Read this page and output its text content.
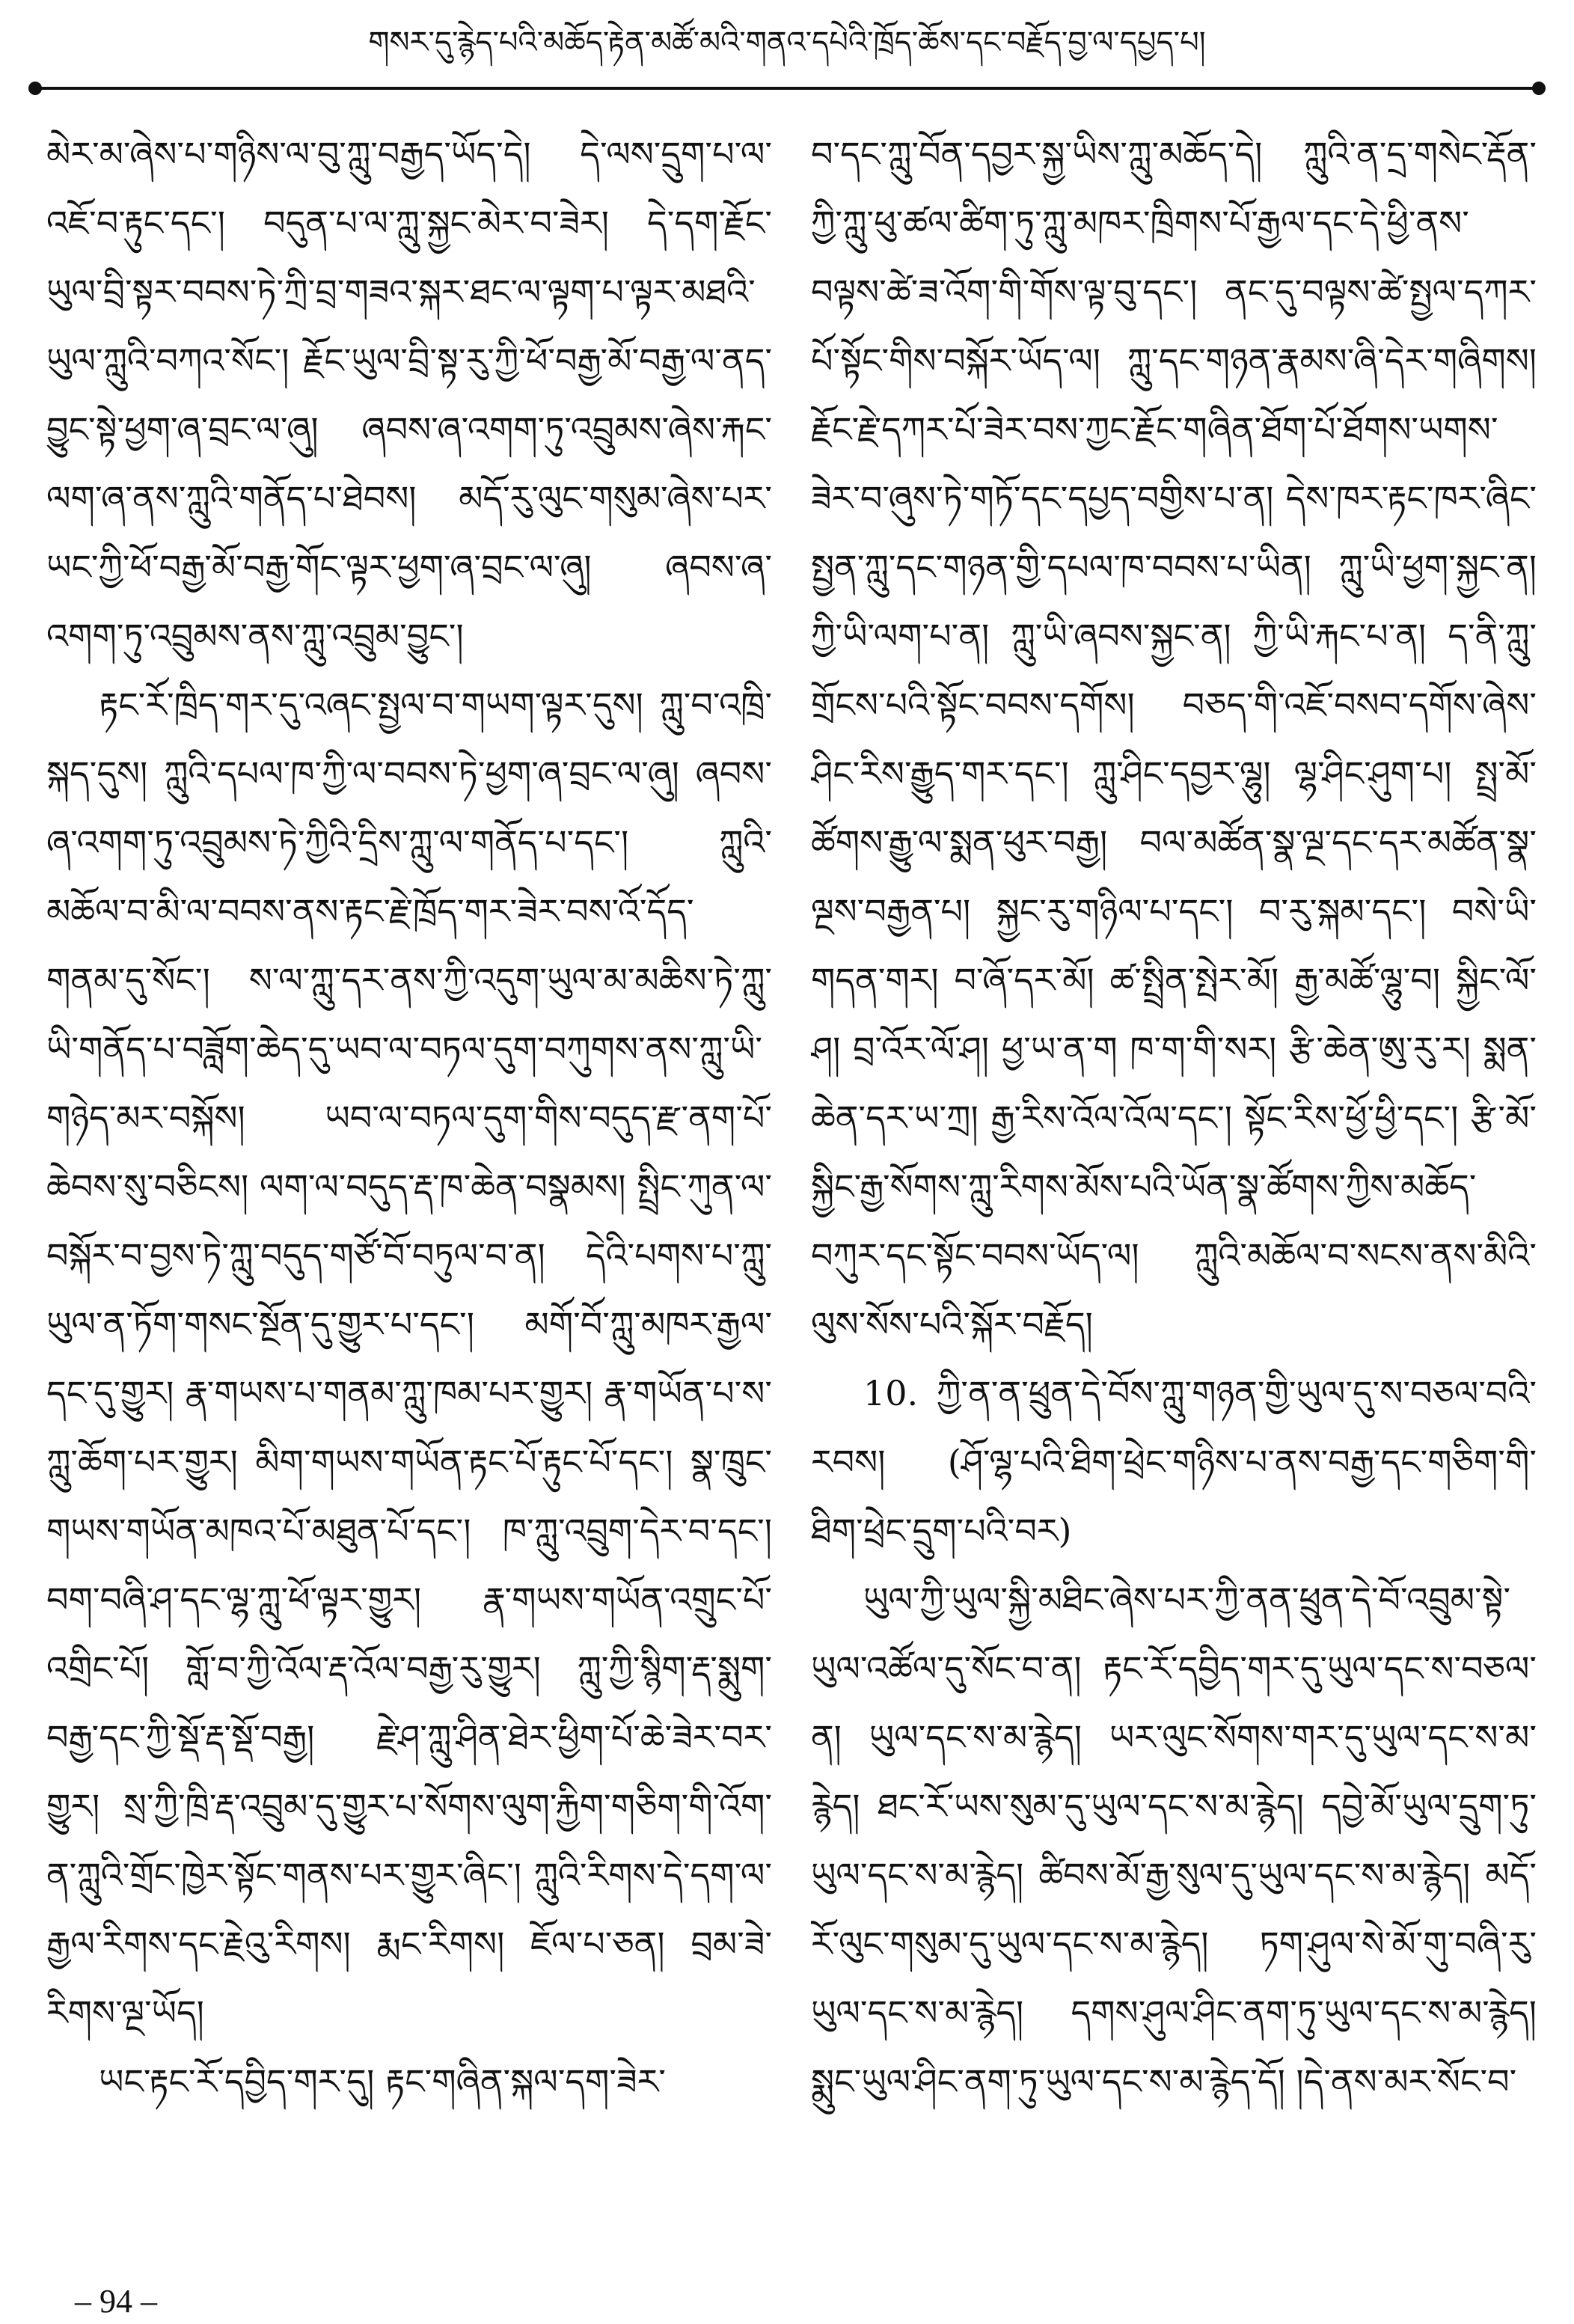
གསར་དུ་རྙེད་པའི་མཆོད་རྟེན་མཚོ་མའི་གནའ་དཔེའི་ཁྲོད་ཆོས་དང་བརྗོད་བྱ་ལ་དཔྱད་པ།

མེར་མ་ཞེས་པ་གཉིས་ལ་བུ་ཀླུ་བརྒྱད་ཡོད་དེ། དེ་ལས་དྲུག་པ་ལ་འཇོ་བ་རྟུང་དང་། བདུན་པ་ལ་ཀླུ་སྐྱང་མེར་བ་ཟེར། དེ་དག་རྗོང་ཡུལ་བྲི་སྟར་བབས་ཏེ་ཀྲི་བྲ་གཟའ་སྐར་ཐང་ལ་ལྟག་པ་ལྟར་མཐའི་ཡུལ་ཀླུའི་བཀའ་སོང་། རྗོང་ཡུལ་བྲི་སྟ་རུ་ཀྱི་ཕོ་བརྒྱ་མོ་བརྒྱ་ལ་ནད་བྱུང་སྟེ་ཕྱག་ཞ་བྲང་ལ་ཞུ། ཞབས་ཞ་འགག་ཏུ་འབྲུམས་ཞེས་རྐང་ལག་ཞ་ནས་ཀླུའི་གནོད་པ་ཐེབས། མདོ་རུ་ལུང་གསུམ་ཞེས་པར་ཡང་ཀྱི་ཕོ་བརྒྱ་མོ་བརྒྱ་གོང་ལྟར་ཕྱག་ཞ་བྲང་ལ་ཞུ། ཞབས་ཞ་འགག་ཏུ་འབྲུམས་ནས་ཀླུ་འབྲུམ་བྱུང་།

རྟང་རོ་ཁྲིད་གར་དུ་འཞང་སྤྱལ་བ་གཡག་ལྟར་དུས། ཀླུ་བ་འཁྲི་སྐད་དུས། ཀླུའི་དཔལ་ཁ་ཀྱི་ལ་བབས་ཏེ་ཕྱག་ཞ་བྲང་ལ་ཞུ། ཞབས་ཞ་འགག་ཏུ་འབྲུམས་ཏེ་ཀྱིའི་དྲིས་ཀླུ་ལ་གནོད་པ་དང་། ཀླུའི་མཆོལ་བ་མི་ལ་བབས་ནས་རྟང་རྗེ་ཁྲོད་གར་ཟེར་བས་འོ་དོད་གནམ་དུ་སོང་། ས་ལ་ཀླུ་དར་ནས་ཀྱི་འདུག་ཡུལ་མ་མཆིས་ཏེ་ཀླུ་ཡི་གནོད་པ་བཟློག་ཆེད་དུ་ཡབ་ལ་བཏལ་དུག་བཀུགས་ནས་ཀླུ་ཡི་གཉེད་མར་བསྐོས། ཡབ་ལ་བཏལ་དུག་གིས་བདུད་རྫ་ནག་པོ་ཆེབས་སུ་བཅིངས། ལག་ལ་བདུད་རྡ་ཁ་ཆེན་བསྣམས། སྤྲིང་ཀུན་ལ་བསྐོར་བ་བྱས་ཏེ་ཀླུ་བདུད་གཙོ་བོ་བཏུལ་བ་ན། དེའི་པགས་པ་ཀླུ་ཡུལ་ན་ཏོག་གསང་སྔོན་དུ་གྱུར་པ་དང་། མགོ་བོ་ཀླུ་མཁར་རྒྱལ་དང་དུ་གྱུར། རྣ་གཡས་པ་གནམ་ཀླུ་ཁམ་པར་གྱུར། རྣ་གཡོན་པ་ས་ཀླུ་ཆོག་པར་གྱུར། མིག་གཡས་གཡོན་རྟང་པོ་རྟུང་པོ་དང་། སྣ་ཁྲུང་གཡས་གཡོན་མཁའ་པོ་མཐུན་པོ་དང་། ཁ་ཀླུ་འབྲུག་དེར་བ་དང་། བག་བཞི་ཤ་དང་ལྷ་ཀླུ་ཕོ་ལྟར་གྱུར། རྣ་གཡས་གཡོན་འགྲུང་པོ་འགྲིང་པོ། གློ་བ་ཀྱི་འོལ་རྡ་འོལ་བརྒྱ་རུ་གྱུར། ཀླུ་ཀྱི་སྙིག་རྡ་སྨུག་བརྒྱ་དང་ཀྱི་སྡོ་རྡ་སྡོ་བརྒྱ། རྗེ་ཤ་ཀླུ་ཤིན་ཐེར་ཕྱིག་པོ་ཆེ་ཟེར་བར་གྱུར། སྲ་ཀྱི་ཁྲི་རྡ་འབྲུམ་དུ་གྱུར་པ་སོགས་ལུག་རྐྱིག་གཅིག་གི་འོག་ན་ཀླུའི་གྲོང་ཁྱེར་སྟོང་གནས་པར་གྱུར་ཞིང་། ཀླུའི་རིགས་དེ་དག་ལ་རྒྱལ་རིགས་དང་རྗེའུ་རིགས། རྨང་རིགས། ཇོལ་པ་ཅན། བྲམ་ཟེ་རིགས་ལྔ་ཡོད།

ཡང་རྟང་རོ་དབྱིད་གར་དུ། རྟང་གཞིན་སྐལ་དག་ཟེར་

བ་དང་ཀླུ་བོན་དབྱར་སྐྱ་ཡིས་ཀླུ་མཆོད་དེ། ཀླུའི་ན་དྲ་གསེང་རྡོན་ཀྱི་ཀླུ་ཕུ་ཚལ་ཚིག་ཏུ་ཀླུ་མཁར་ཁྲིགས་པོ་རྒྱལ་དང་དེ་ཕྱི་ནས་བལྟས་ཚེ་ཟ་འོག་གི་གོས་ལྟ་བུ་དང་། ནང་དུ་བལྟས་ཚེ་སྤྱལ་དཀར་པོ་སྟོང་གིས་བསྐོར་ཡོད་ལ། ཀླུ་དང་གཉན་རྣམས་ཞི་དེར་གཞིགས། རྗོང་རྗེ་དཀར་པོ་ཟེར་བས་ཀྱང་རྗོང་གཞིན་ཐོག་པོ་ཐོགས་ཡགས་ཟེར་བ་ཞུས་ཏེ་གཏོ་དང་དཔྱད་བགྱིས་པ་ན། དེས་ཁར་རྟང་ཁར་ཞིང་སྤྱན་ཀླུ་དང་གཉན་གྱི་དཔལ་ཁ་བབས་པ་ཡིན། ཀླུ་ཡི་ཕྱག་སྐྱང་ན། ཀྱི་ཡི་ལག་པ་ན། ཀླུ་ཡི་ཞབས་སྐྱང་ན། ཀྱི་ཡི་རྐང་པ་ན། ད་ནི་ཀླུ་གྲོངས་པའི་སྟོང་བབས་དགོས། བཅད་གི་འཇོ་བསབ་དགོས་ཞེས་ཤིང་རིས་རྒྱུད་གར་དང་། ཀླུ་ཤིང་དབྱར་ལྷུ། ལྷ་ཤིང་ཤུག་པ། སྤྲ་མོ་ཚོགས་རྒྱུ་ལ་སྨན་ཕུར་བརྒྱ། བལ་མཚོན་སྣ་ལྔ་དང་དར་མཚོན་སྣ་ལྔས་བརྒྱན་པ། སྐྱང་རུ་གཉིལ་པ་དང་། བ་རུ་སྐམ་དང་། བསེ་ཡི་གདན་གར། བ་ཞོ་དར་མོ། ཚ་སྤྲིན་སྤེར་མོ། རྒྱ་མཚོ་ལྷུ་བ། སྐྱིང་ལོ་ཤ། བྲ་འོར་ལོ་ཤ། ཕྱ་ཡ་ན་ག ཁ་ག་གི་སར། རྩི་ཆེན་ཨུ་རུ་ར། སྨན་ཆེན་དར་ཡ་ཀྲ། རྒྱ་རིས་འོལ་འོལ་དང་། སྟོང་རིས་ཕྱོ་ཕྱི་དང་། རྩི་མོ་སྐྱིང་རྒྱ་སོགས་ཀླུ་རིགས་མོས་པའི་ཡོན་སྣ་ཚོགས་ཀྱིས་མཆོད་བཀུར་དང་སྟོང་བབས་ཡོད་ལ། ཀླུའི་མཆོལ་བ་སངས་ནས་མིའི་ལུས་སོས་པའི་སྐོར་བརྗོད།

10. ཀྱི་ན་ན་ཕྲུན་དེ་བོས་ཀླུ་གཉན་གྱི་ཡུལ་དུ་ས་བཅལ་བའི་རབས། (ཤོ་ལྷ་པའི་ཐིག་ཕྲེང་གཉིས་པ་ནས་བརྒྱ་དང་གཅིག་གི་ཐིག་ཕྲེང་དྲུག་པའི་བར)

ཡུལ་ཀྱི་ཡུལ་སྐྱི་མཐིང་ཞེས་པར་ཀྱི་ནན་ཕྲུན་དེ་བོ་འབྲུམ་སྟེ་ཡུལ་འཚོལ་དུ་སོང་བ་ན། རྟང་རོ་དབྱིད་གར་དུ་ཡུལ་དང་ས་བཅལ་ན། ཡུལ་དང་ས་མ་རྙེད། ཡར་ལུང་སོགས་གར་དུ་ཡུལ་དང་ས་མ་རྙེད། ཐང་རོ་ཡས་སུམ་དུ་ཡུལ་དང་ས་མ་རྙེད། དབྱེ་མོ་ཡུལ་དྲུག་ཏུ་ཡུལ་དང་ས་མ་རྙེད། ཚིབས་མོ་རྒྱ་སུལ་དུ་ཡུལ་དང་ས་མ་རྙེད། མདོ་རོ་ལུང་གསུམ་དུ་ཡུལ་དང་ས་མ་རྙེད། ཏག་ཤུལ་སེ་མོ་གུ་བཞི་རུ་ཡུལ་དང་ས་མ་རྙེད། དགས་ཤུལ་ཤིང་ནག་ཏུ་ཡུལ་དང་ས་མ་རྙེད། སྨུང་ཡུལ་ཤིང་ནག་ཏུ་ཡུལ་དང་ས་མ་རྙེད་དོ། །དེ་ནས་མར་སོང་བ་

– 94 –
